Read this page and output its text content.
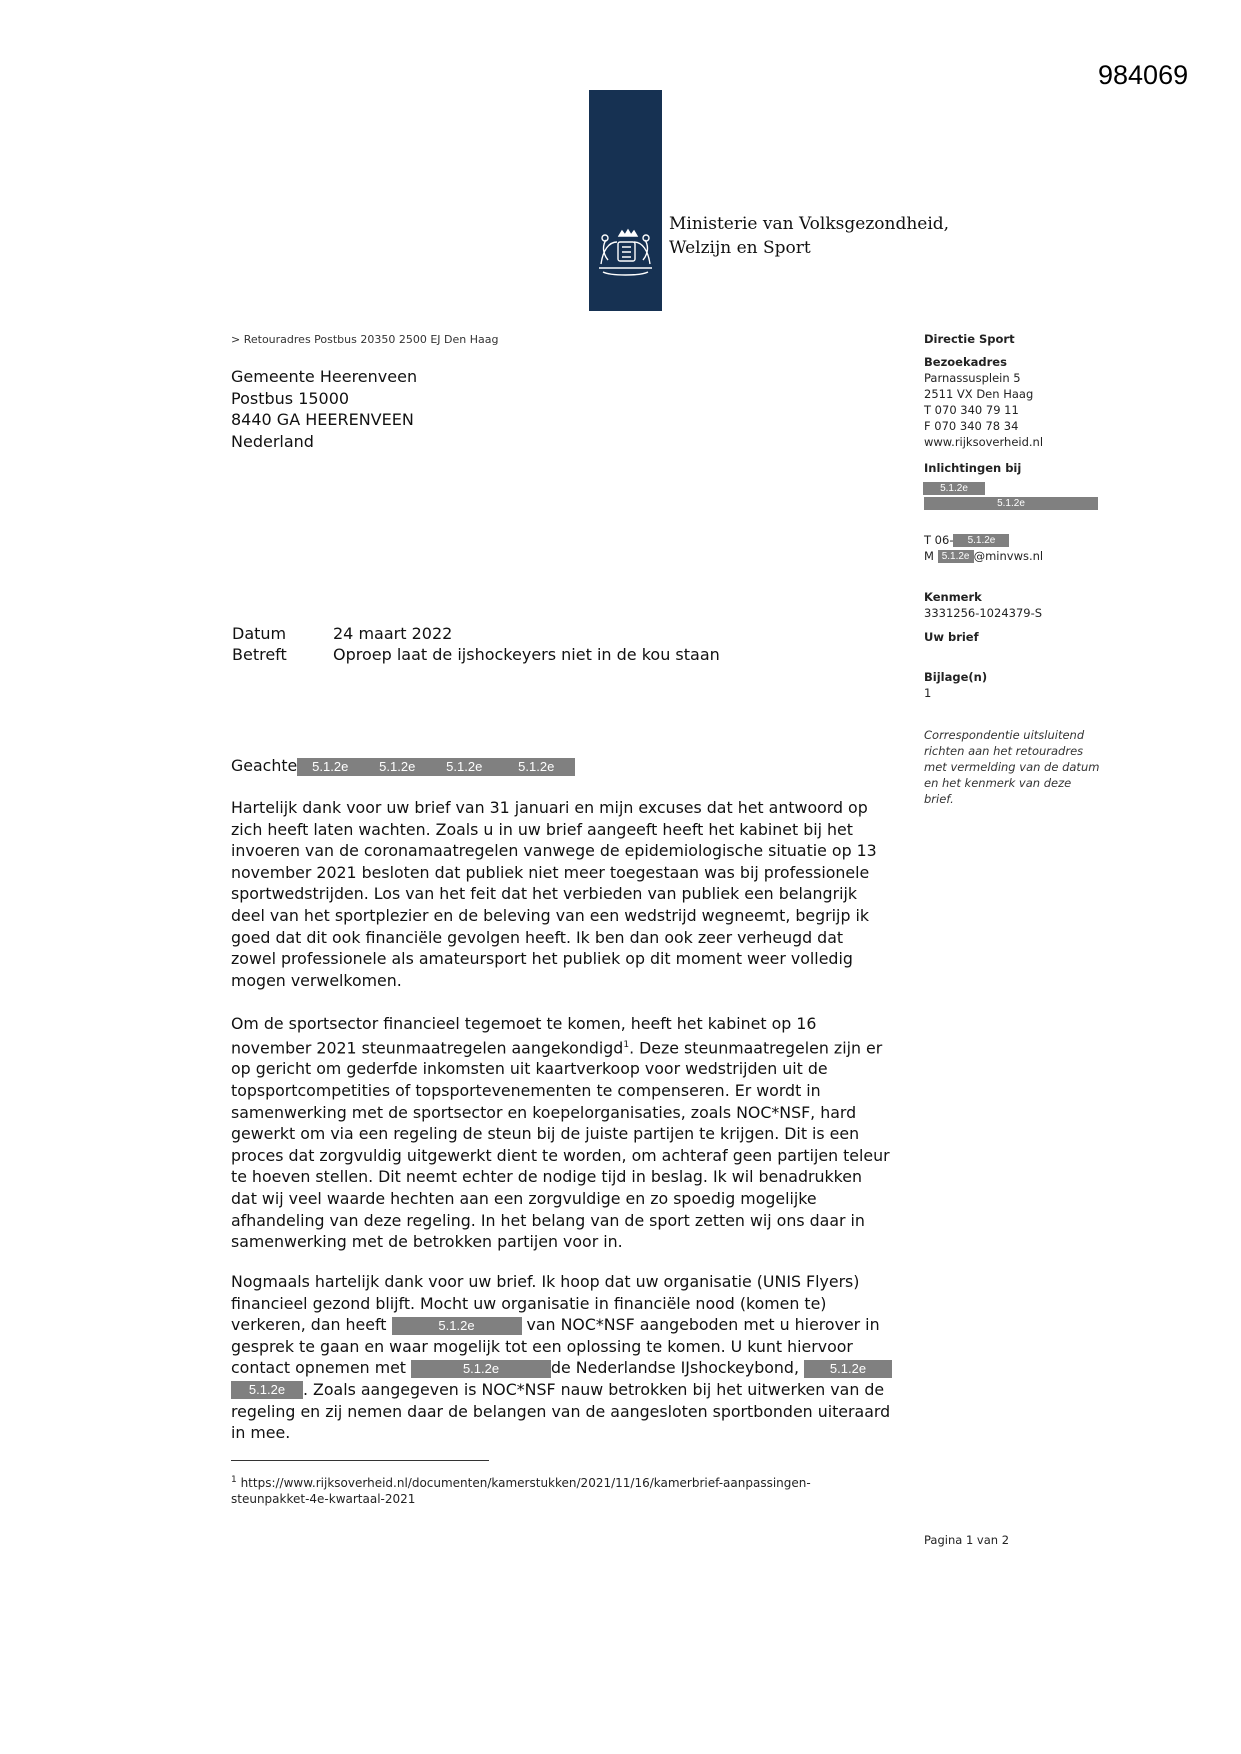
984069
Ministerie van Volksgezondheid,
Welzijn en Sport
> Retouradres Postbus 20350 2500 EJ Den Haag
Gemeente Heerenveen
Postbus 15000
8440 GA HEERENVEEN
Nederland
Datum	24 maart 2022
Betreft	Oproep laat de ijshockeyers niet in de kou staan
Directie Sport
Bezoekadres
Parnassusplein 5
2511 VX Den Haag
T 070 340 79 11
F 070 340 78 34
www.rijksoverheid.nl
Inlichtingen bij
5.1.2e
5.1.2e
T 06- 5.1.2e
M 5.1.2e @minvws.nl
Kenmerk
3331256-1024379-S
Uw brief
Bijlage(n)
1
Correspondentie uitsluitend
richten aan het retouradres
met vermelding van de datum
en het kenmerk van deze
brief.
Geachte 5.1.2e 5.1.2e 5.1.2e	5.1.2e

Hartelijk dank voor uw brief van 31 januari en mijn excuses dat het antwoord op

zich heeft laten wachten. Zoals u in uw brief aangeeft heeft het kabinet bij het

invoeren van de coronamaatregelen vanwege de epidemiologische situatie op 13

november 2021 besloten dat publiek niet meer toegestaan was bij professionele

sportwedstrijden. Los van het feit dat het verbieden van publiek een belangrijk

deel van het sportplezier en de beleving van een wedstrijd wegneemt, begrijp ik

goed dat dit ook financiële gevolgen heeft. Ik ben dan ook zeer verheugd dat

zowel professionele als amateursport het publiek op dit moment weer volledig

mogen verwelkomen.

Om de sportsector financieel tegemoet te komen, heeft het kabinet op 16

november 2021 steunmaatregelen aangekondigd$^1$. Deze steunmaatregelen zijn er

op gericht om gederfde inkomsten uit kaartverkoop voor wedstrijden uit de

topsportcompetities of topsportevenementen te compenseren. Er wordt in

samenwerking met de sportsector en koepelorganisaties, zoals NOC*NSF, hard

gewerkt om via een regeling de steun bij de juiste partijen te krijgen. Dit is een

proces dat zorgvuldig uitgewerkt dient te worden, om achteraf geen partijen teleur

te hoeven stellen. Dit neemt echter de nodige tijd in beslag. Ik wil benadrukken

dat wij veel waarde hechten aan een zorgvuldige en zo spoedig mogelijke

afhandeling van deze regeling. In het belang van de sport zetten wij ons daar in

samenwerking met de betrokken partijen voor in.

Nogmaals hartelijk dank voor uw brief. Ik hoop dat uw organisatie (UNIS Flyers)

financieel gezond blijft. Mocht uw organisatie in financiële nood (komen te)

verkeren, dan heeft	5.1.2e	van NOC*NSF aangeboden met u hierover in

gesprek te gaan en waar mogelijk tot een oplossing te komen. U kunt hiervoor

contact opnemen met	5.1.2e	de Nederlandse IJshockeybond, 5.1.2e

5.1.2e . Zoals aangegeven is NOC*NSF nauw betrokken bij het uitwerken van de

regeling en zij nemen daar de belangen van de aangesloten sportbonden uiteraard

in mee.

$^1$ https://www.rijksoverheid.nl/documenten/kamerstukken/2021/11/16/kamerbrief-aanpassingen-
steunpakket-4e-kwartaal-2021
Pagina 1 van 2
